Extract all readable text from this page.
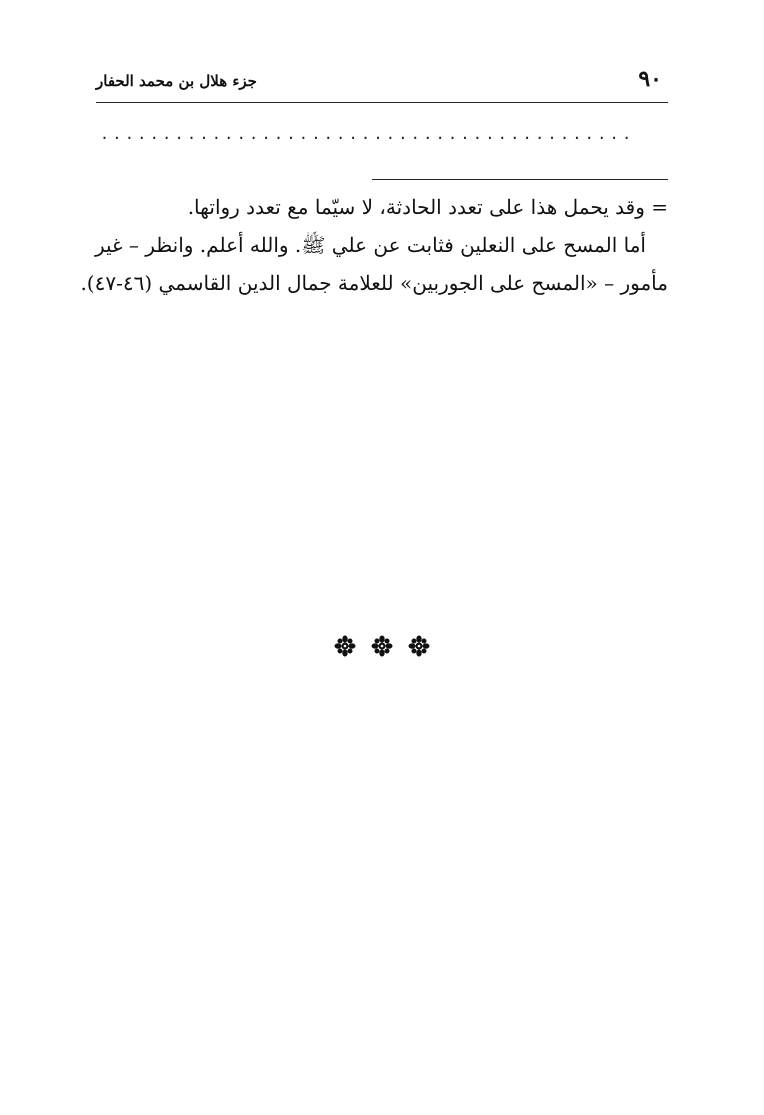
جزء هلال بن محمد الحفار	٩٠
...........................................
= وقد يحمل هذا على تعدد الحادثة، لا سيّما مع تعدد رواتها.
أما المسح على النعلين فثابت عن علي ﷺ. والله أعلم. وانظر – غير
مأمور – «المسح على الجوربين» للعلامة جمال الدين القاسمي (٤٦-٤٧).
